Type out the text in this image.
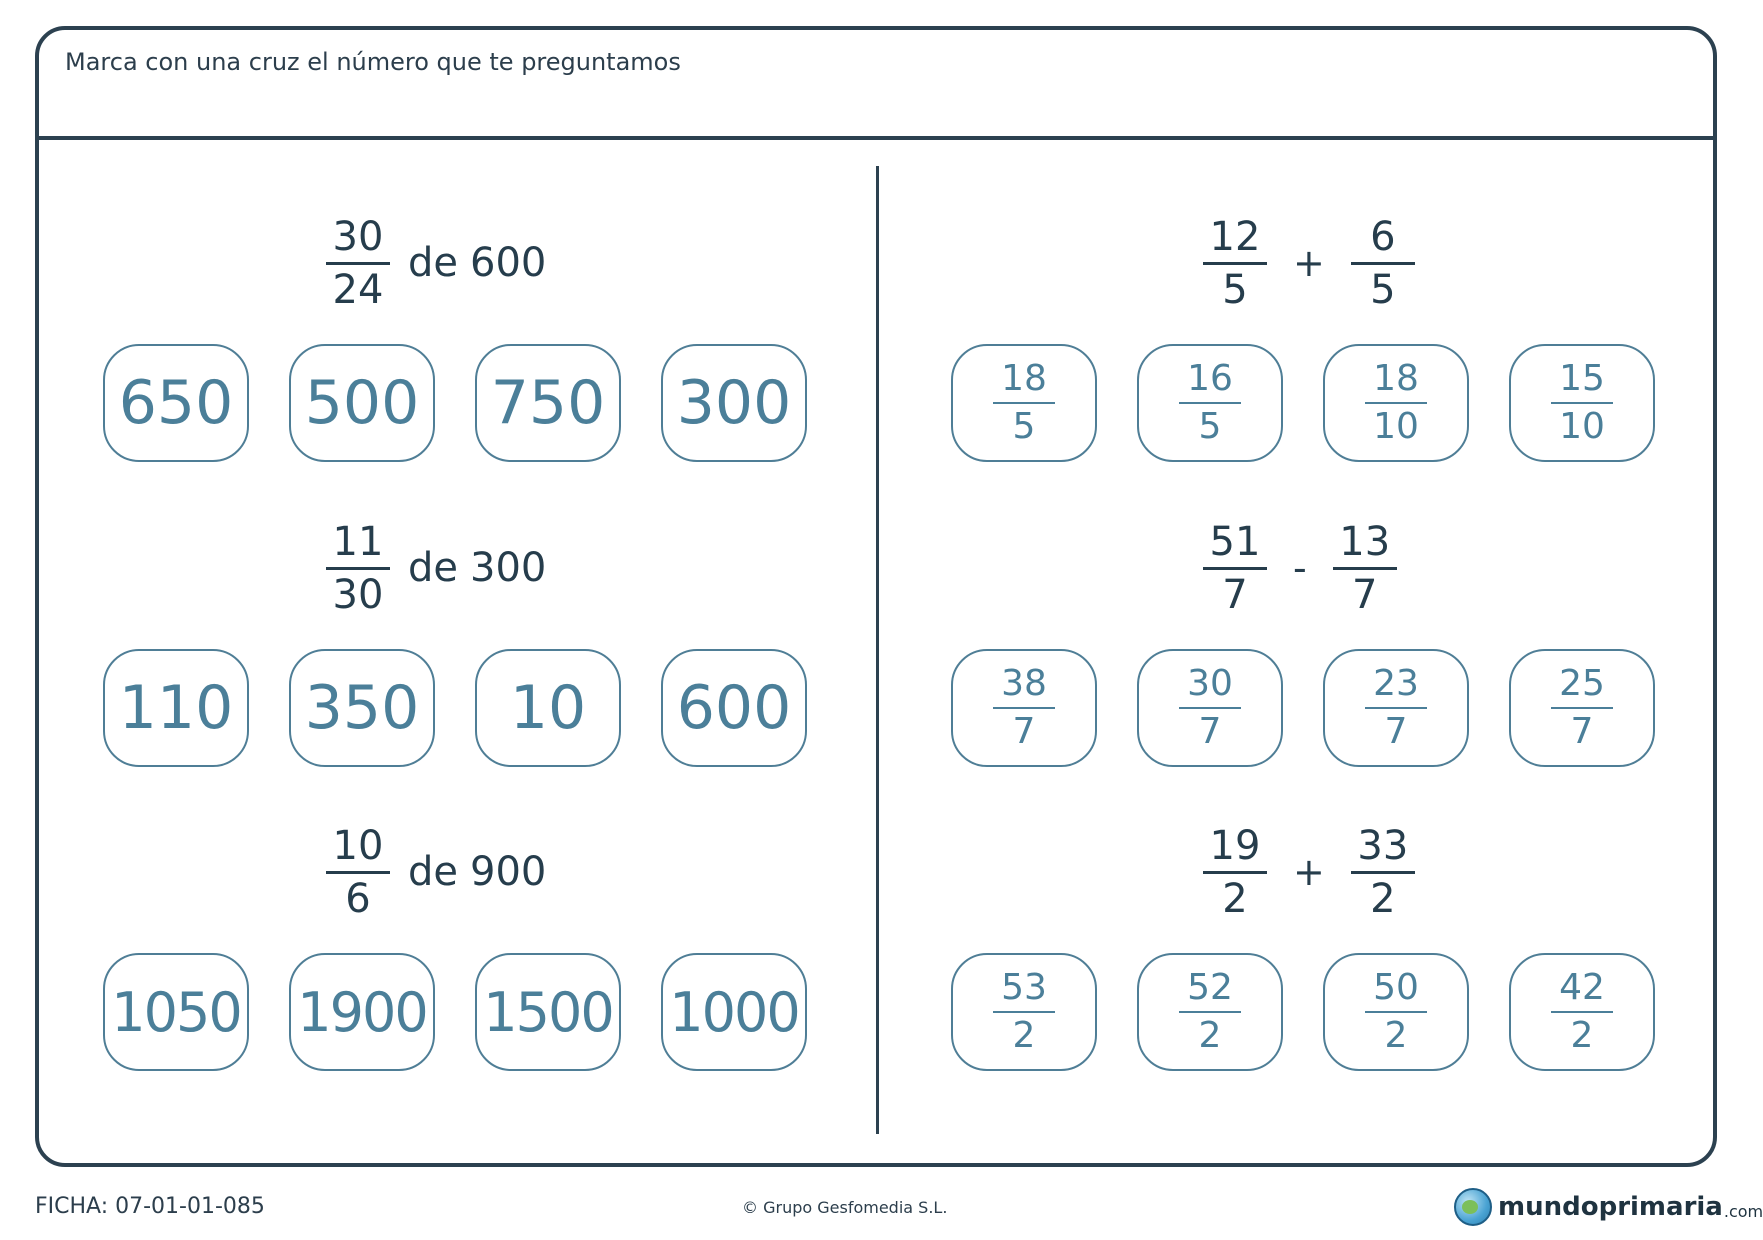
Marca con una cruz el número que te preguntamos
$\frac{30}{24}$ de 600
650 500 750 300
$\frac{11}{30}$ de 300
110 350 10 600
$\frac{10}{6}$ de 900
1050 1900 1500 1000
$\frac{12}{5} + \frac{6}{5}$
$\frac{18}{5}$	$\frac{16}{5}$	$\frac{18}{10}$	$\frac{15}{10}$
$\frac{51}{7} - \frac{13}{7}$
$\frac{38}{7}$	$\frac{30}{7}$	$\frac{23}{7}$	$\frac{25}{7}$
$\frac{19}{2} + \frac{33}{2}$
$\frac{53}{2}$	$\frac{52}{2}$	$\frac{50}{2}$	$\frac{42}{2}$
FICHA: 07-01-01-085	© Grupo Gesfomedia S.L.	mundoprimaria .com
